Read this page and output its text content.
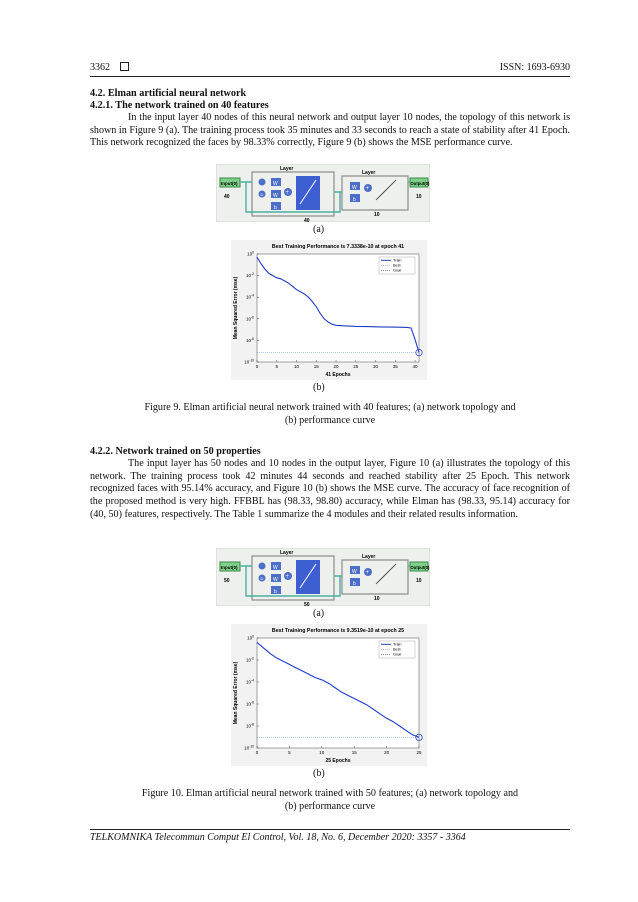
3362	ISSN: 1693-6930
4.2. Elman artificial neural network
4.2.1. The network trained on 40 features
In the input layer 40 nodes of this neural network and output layer 10 nodes, the topology of this network is shown in Figure 9 (a). The training process took 35 minutes and 33 seconds to reach a state of stability after 41 Epoch. This network recognized the faces by 98.33% correctly, Figure 9 (b) shows the MSE performance curve.
Input(0)
40
Layer
W
W +
b
D
40
Layer
W +
b
10
Output(0)
10
(a)
Best Training Performance is 7.3338e-10 at epoch 41
0	5	10	15	20	25	30	35	40
$10^0$
$10^{-2}$
$10^{-4}$
$10^{-6}$
$10^{-8}$
$10^{-10}$
41 Epochs
Mean Squared Error (mse)
Train
Best
Goal
(b)
Figure 9. Elman artificial neural network trained with 40 features; (a) network topology and
(b) performance curve
4.2.2. Network trained on 50 properties
The input layer has 50 nodes and 10 nodes in the output layer, Figure 10 (a) illustrates the topology of this network. The training process took 42 minutes 44 seconds and reached stability after 25 Epoch. This network recognized faces with 95.14% accuracy, and Figure 10 (b) shows the MSE curve. The accuracy of face recognition of the proposed method is very high. FFBBL has (98.33, 98.80) accuracy, while Elman has (98.33, 95.14) accuracy for (40, 50) features, respectively. The Table 1 summarize the 4 modules and their related results information.
Input(0)
50
Layer
W
W +
b
D
50
Layer
W +
b
10
Output(0)
10
(a)
Best Training Performance is 9.3519e-10 at epoch 25
0	5	10	15	20	25
$10^0$
$10^{-2}$
$10^{-4}$
$10^{-6}$
$10^{-8}$
$10^{-10}$
25 Epochs
Mean Squared Error (mse)
Train
Best
Goal
(b)
Figure 10. Elman artificial neural network trained with 50 features; (a) network topology and
(b) performance curve
TELKOMNIKA Telecommun Comput El Control, Vol. 18, No. 6, December 2020: 3357 - 3364
